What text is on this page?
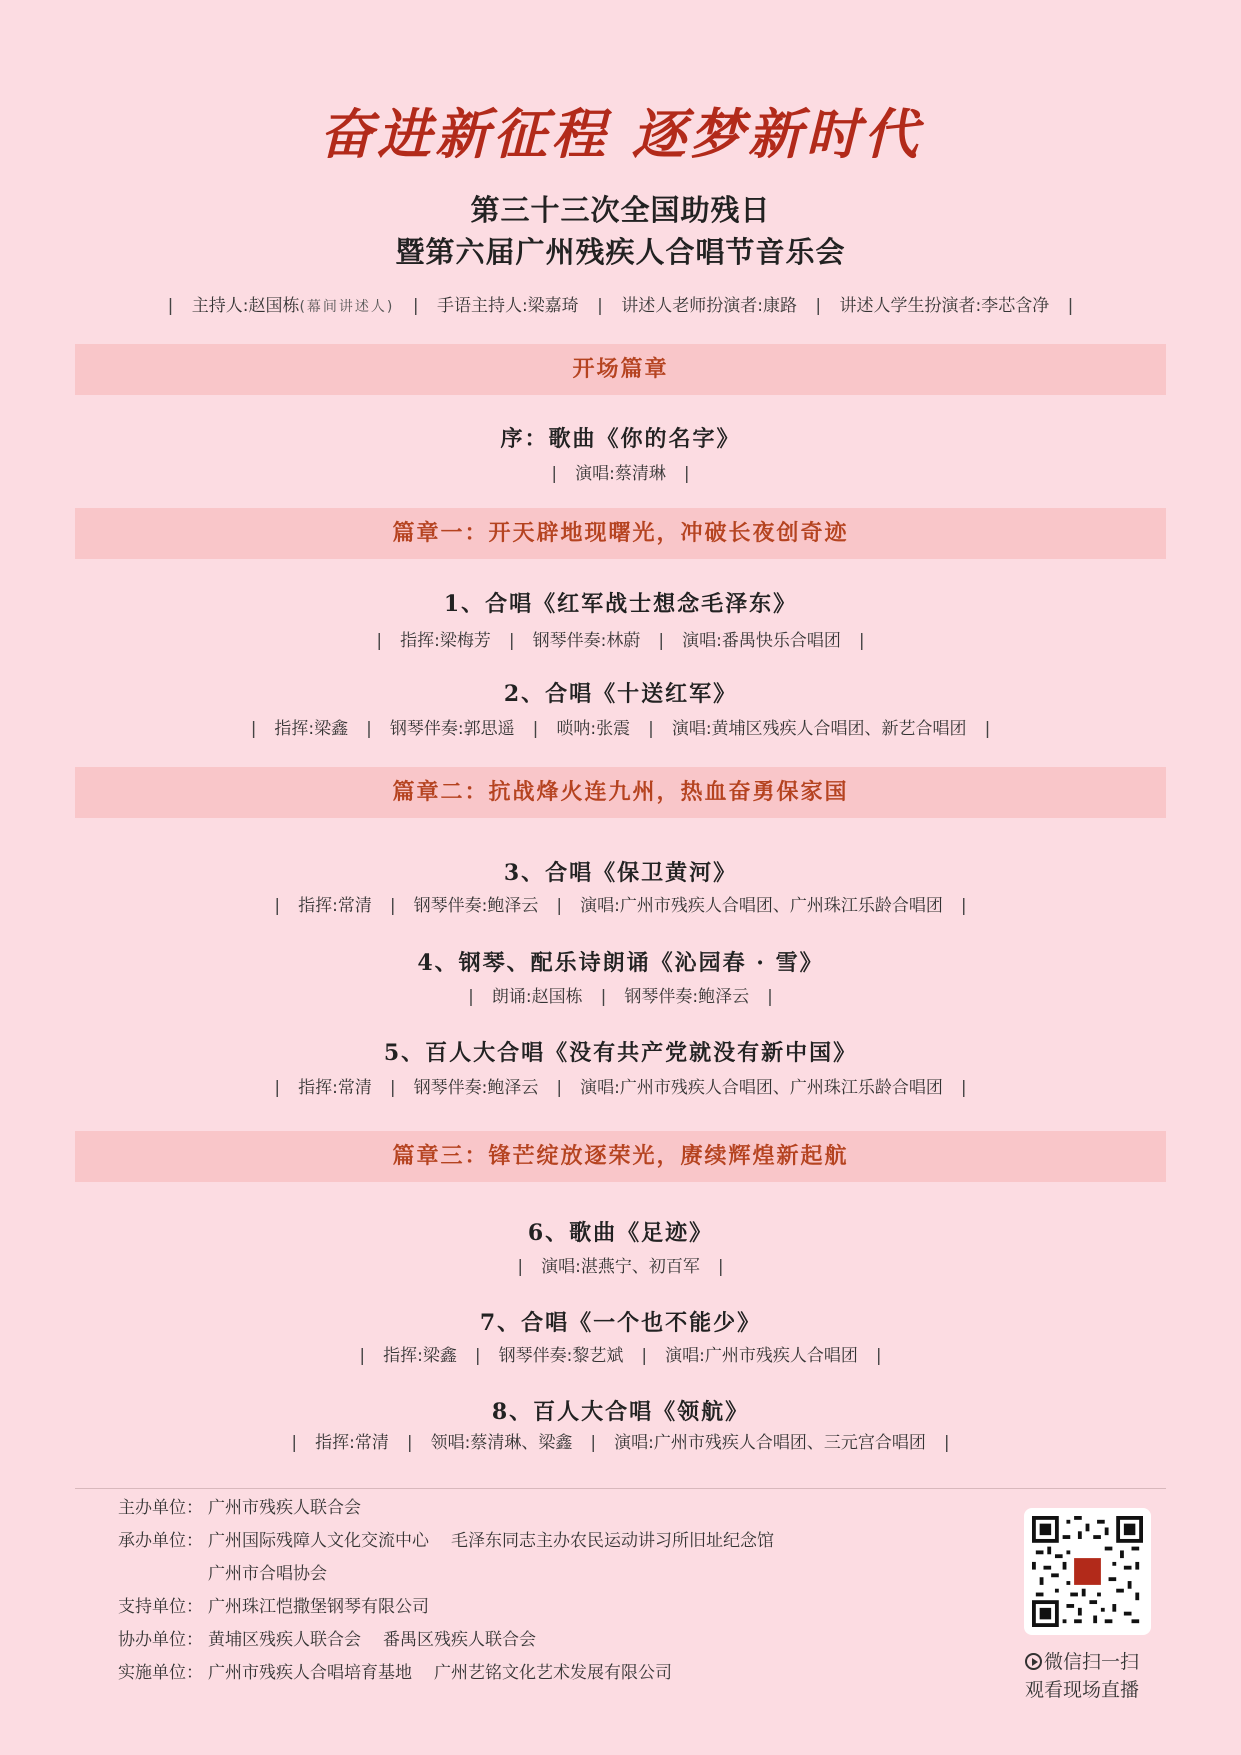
奋进新征程 逐梦新时代
第三十三次全国助残日
暨第六届广州残疾人合唱节音乐会
| 主持人:赵国栋(幕间讲述人) | 手语主持人:梁嘉琦 | 讲述人老师扮演者:康路 | 讲述人学生扮演者:李芯含净 |
开场篇章
序：歌曲《你的名字》
| 演唱:蔡清琳 |
篇章一：开天辟地现曙光，冲破长夜创奇迹
1、合唱《红军战士想念毛泽东》
| 指挥:梁梅芳 | 钢琴伴奏:林蔚 | 演唱:番禺快乐合唱团 |
2、合唱《十送红军》
| 指挥:梁鑫 | 钢琴伴奏:郭思遥 | 唢呐:张震 | 演唱:黄埔区残疾人合唱团、新艺合唱团 |
篇章二：抗战烽火连九州，热血奋勇保家国
3、合唱《保卫黄河》
| 指挥:常清 | 钢琴伴奏:鲍泽云 | 演唱:广州市残疾人合唱团、广州珠江乐龄合唱团 |
4、钢琴、配乐诗朗诵《沁园春 · 雪》
| 朗诵:赵国栋 | 钢琴伴奏:鲍泽云 |
5、百人大合唱《没有共产党就没有新中国》
| 指挥:常清 | 钢琴伴奏:鲍泽云 | 演唱:广州市残疾人合唱团、广州珠江乐龄合唱团 |
篇章三：锋芒绽放逐荣光，赓续辉煌新起航
6、歌曲《足迹》
| 演唱:湛燕宁、初百军 |
7、合唱《一个也不能少》
| 指挥:梁鑫 | 钢琴伴奏:黎艺斌 | 演唱:广州市残疾人合唱团 |
8、百人大合唱《领航》
| 指挥:常清 | 领唱:蔡清琳、梁鑫 | 演唱:广州市残疾人合唱团、三元宫合唱团 |
主办单位： 广州市残疾人联合会
承办单位： 广州国际残障人文化交流中心 毛泽东同志主办农民运动讲习所旧址纪念馆
广州市合唱协会
支持单位： 广州珠江恺撒堡钢琴有限公司
协办单位： 黄埔区残疾人联合会 番禺区残疾人联合会
实施单位： 广州市残疾人合唱培育基地 广州艺铭文化艺术发展有限公司	微信扫一扫
观看现场直播
